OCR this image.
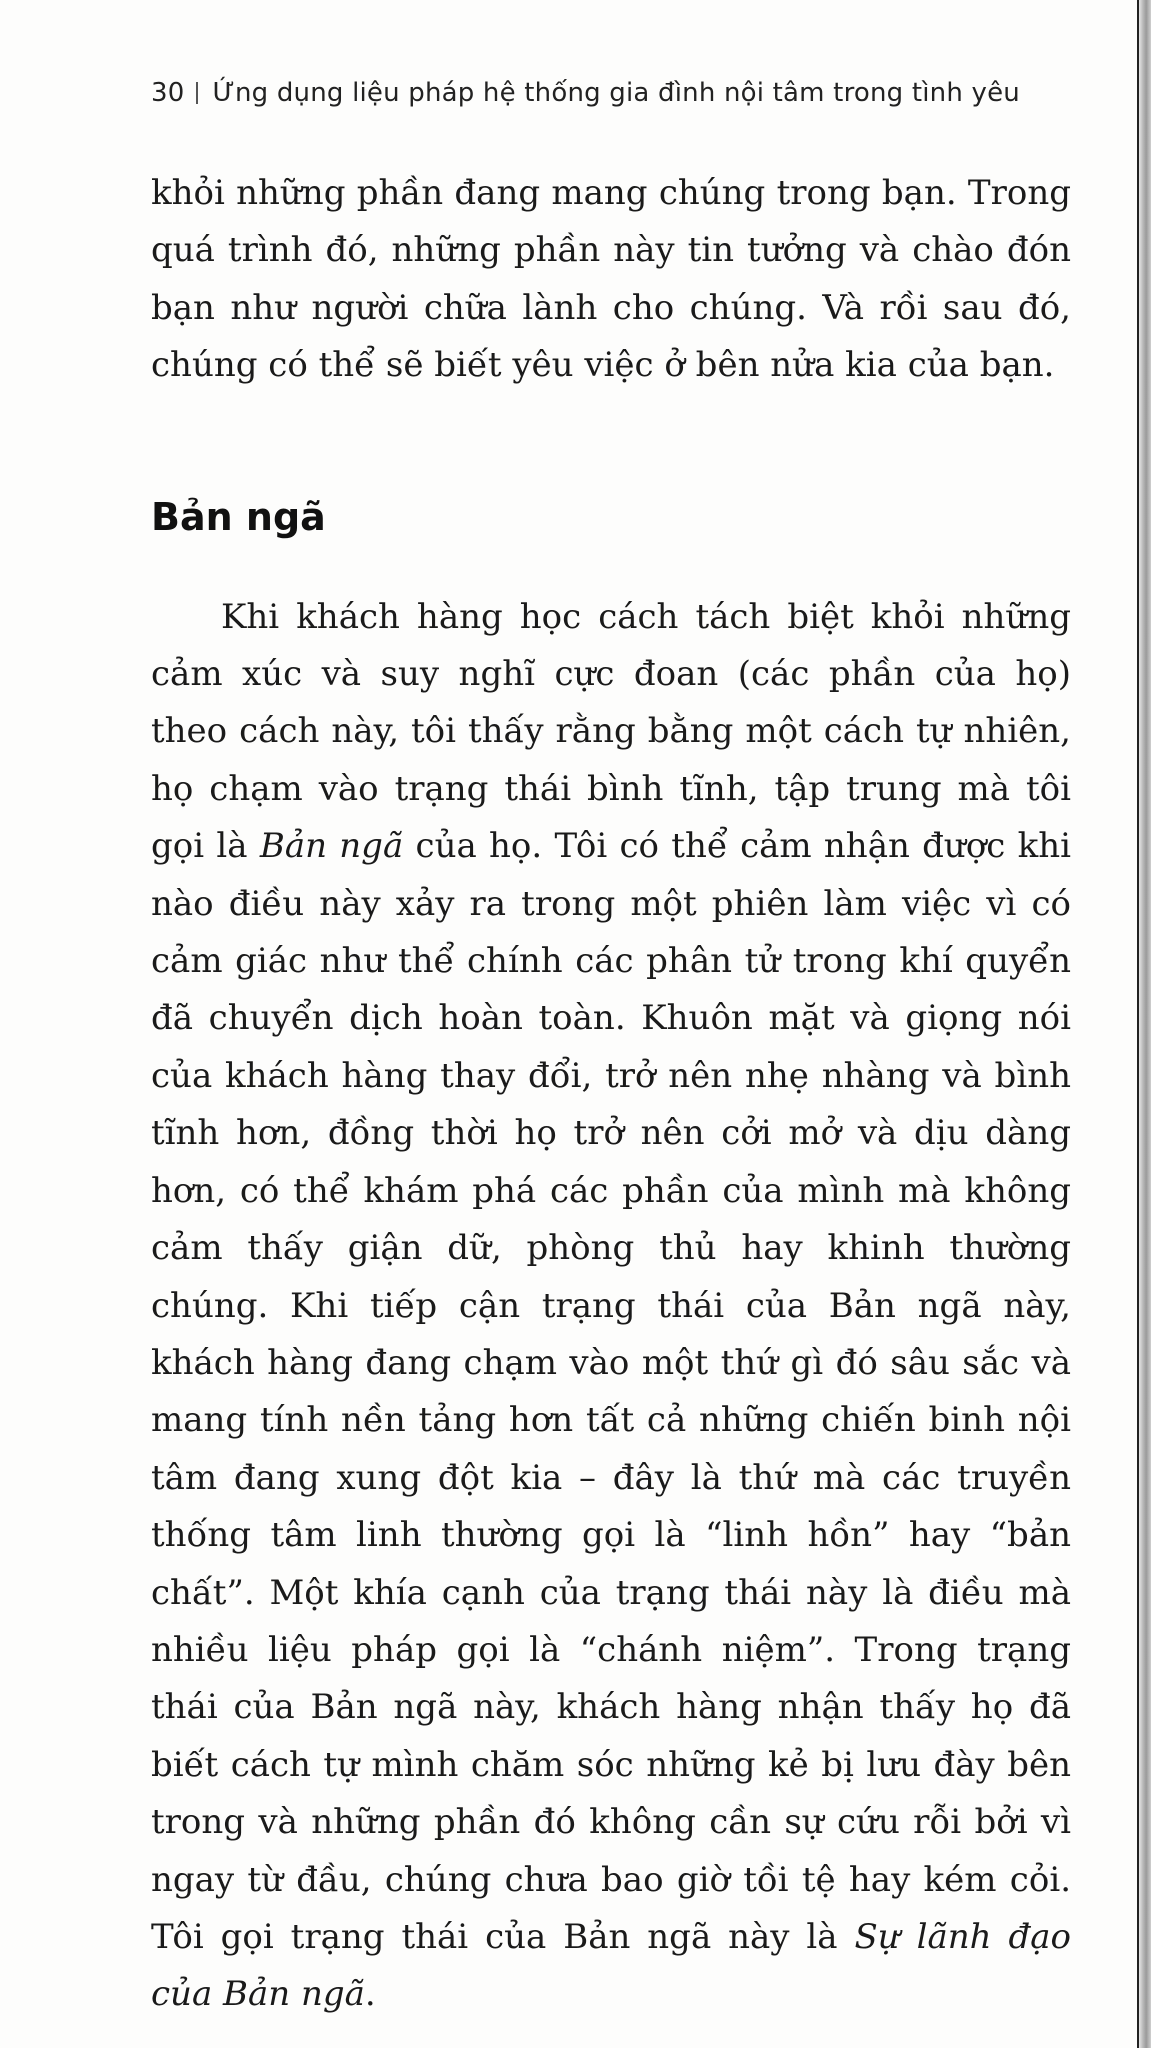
30 Ứng dụng liệu pháp hệ thống gia đình nội tâm trong tình yêu

khỏi những phần đang mang chúng trong bạn. Trong quá trình đó, những phần này tin tưởng và chào đón bạn như người chữa lành cho chúng. Và rồi sau đó, chúng có thể sẽ biết yêu việc ở bên nửa kia của bạn.

Bản ngã

Khi khách hàng học cách tách biệt khỏi những cảm xúc và suy nghĩ cực đoan (các phần của họ) theo cách này, tôi thấy rằng bằng một cách tự nhiên, họ chạm vào trạng thái bình tĩnh, tập trung mà tôi gọi là Bản ngã của họ. Tôi có thể cảm nhận được khi nào điều này xảy ra trong một phiên làm việc vì có cảm giác như thể chính các phân tử trong khí quyển đã chuyển dịch hoàn toàn. Khuôn mặt và giọng nói của khách hàng thay đổi, trở nên nhẹ nhàng và bình tĩnh hơn, đồng thời họ trở nên cởi mở và dịu dàng hơn, có thể khám phá các phần của mình mà không cảm thấy giận dữ, phòng thủ hay khinh thường chúng. Khi tiếp cận trạng thái của Bản ngã này, khách hàng đang chạm vào một thứ gì đó sâu sắc và mang tính nền tảng hơn tất cả những chiến binh nội tâm đang xung đột kia – đây là thứ mà các truyền thống tâm linh thường gọi là “linh hồn” hay “bản chất”. Một khía cạnh của trạng thái này là điều mà nhiều liệu pháp gọi là “chánh niệm”. Trong trạng thái của Bản ngã này, khách hàng nhận thấy họ đã biết cách tự mình chăm sóc những kẻ bị lưu đày bên trong và những phần đó không cần sự cứu rỗi bởi vì ngay từ đầu, chúng chưa bao giờ tồi tệ hay kém cỏi. Tôi gọi trạng thái của Bản ngã này là Sự lãnh đạo của Bản ngã.
